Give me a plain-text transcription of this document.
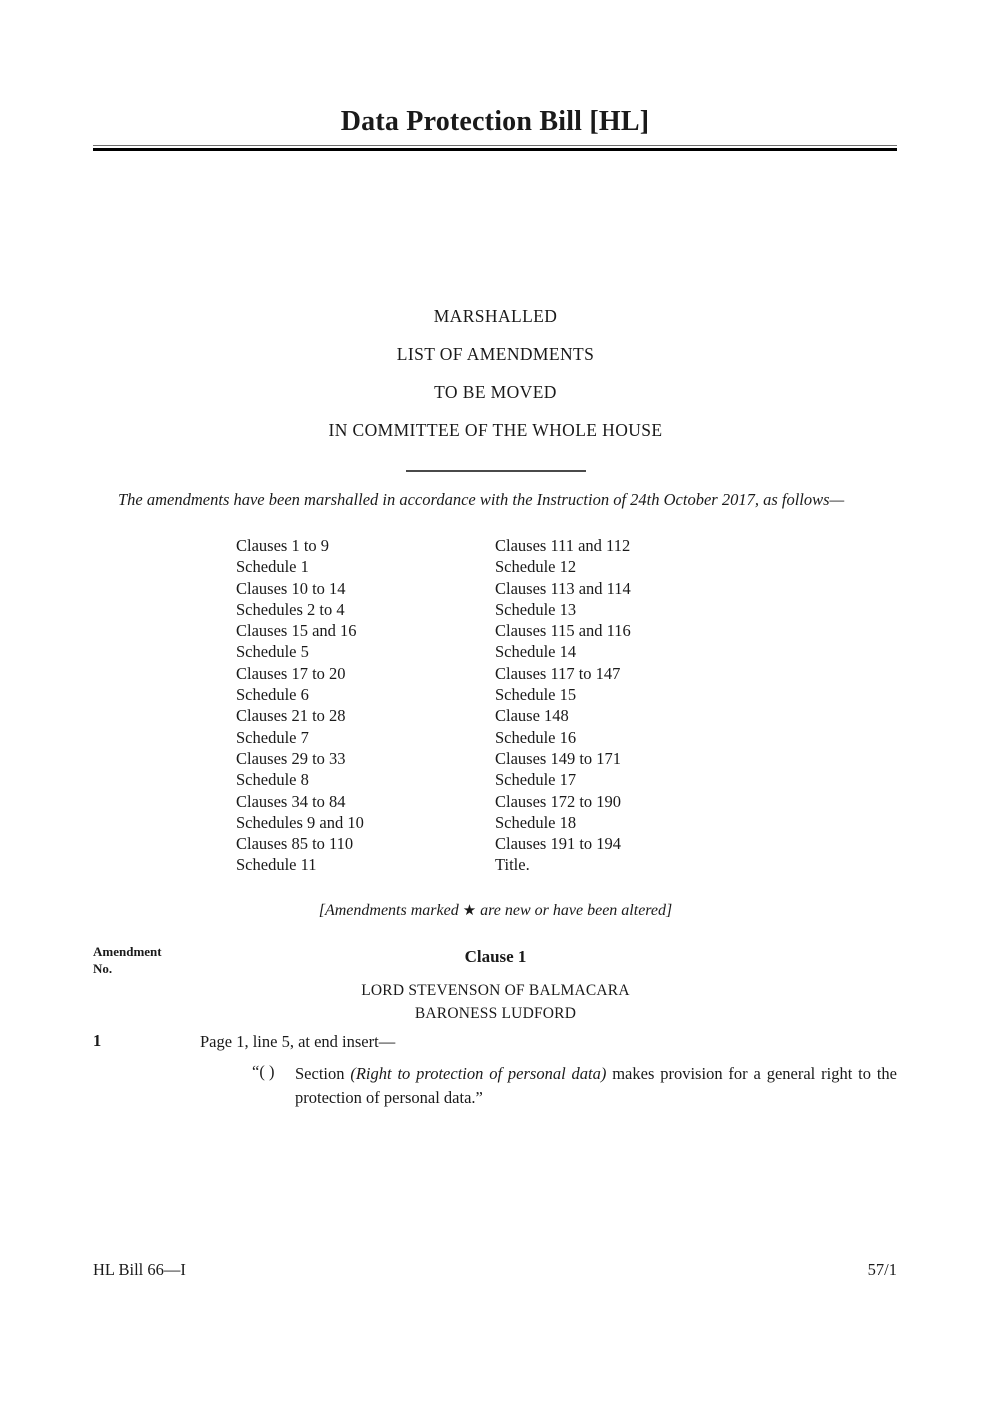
Data Protection Bill [HL]
MARSHALLED
LIST OF AMENDMENTS
TO BE MOVED
IN COMMITTEE OF THE WHOLE HOUSE

The amendments have been marshalled in accordance with the Instruction of 24th October 2017, as follows—

Clauses 1 to 9
Schedule 1
Clauses 10 to 14
Schedules 2 to 4
Clauses 15 and 16
Schedule 5
Clauses 17 to 20
Schedule 6
Clauses 21 to 28
Schedule 7
Clauses 29 to 33
Schedule 8
Clauses 34 to 84
Schedules 9 and 10
Clauses 85 to 110
Schedule 11
Clauses 111 and 112
Schedule 12
Clauses 113 and 114
Schedule 13
Clauses 115 and 116
Schedule 14
Clauses 117 to 147
Schedule 15
Clause 148
Schedule 16
Clauses 149 to 171
Schedule 17
Clauses 172 to 190
Schedule 18
Clauses 191 to 194
Title.
[Amendments marked ★ are new or have been altered]
Amendment
No.
Clause 1
LORD STEVENSON OF BALMACARA
BARONESS LUDFORD
1	Page 1, line 5, at end insert—
“( )	Section (Right to protection of personal data) makes provision for a general right to the protection of personal data.”
HL Bill 66—I	57/1
